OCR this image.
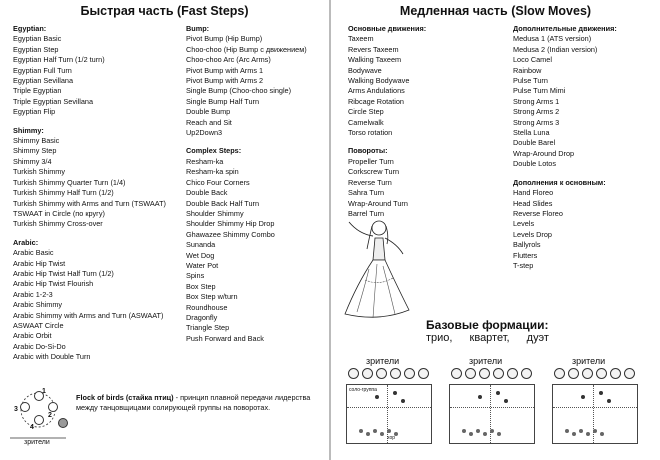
Быстрая часть (Fast Steps)
Egyptian:
Egyptian Basic
Egyptian Step
Egyptian Half Turn (1/2 turn)
Egyptian Full Turn
Egyptian Sevillana
Triple Egyptian
Triple Egyptian Sevillana
Egyptian Flip
Shimmy:
Shimmy Basic
Shimmy Step
Shimmy 3/4
Turkish Shimmy
Turkish Shimmy Quarter Turn (1/4)
Turkish Shimmy Half Turn (1/2)
Turkish Shimmy with Arms and Turn (TSWAAT)
TSWAAT in Circle (по кругу)
Turkish Shimmy Cross-over
Arabic:
Arabic Basic
Arabic Hip Twist
Arabic Hip Twist Half Turn (1/2)
Arabic Hip Twist Flourish
Arabic 1-2-3
Arabic Shimmy
Arabic Shimmy with Arms and Turn (ASWAAT)
ASWAAT Circle
Arabic Orbit
Arabic Do-Si-Do
Arabic with Double Turn
Bump:
Pivot Bump (Hip Bump)
Choo-choo (Hip Bump с движением)
Choo-choo Arc (Arc Arms)
Pivot Bump with Arms 1
Pivot Bump with Arms 2
Single Bump (Choo-choo single)
Single Bump Half Turn
Double Bump
Reach and Sit
Up2Down3
Complex Steps:
Resham-ka
Resham-ka spin
Chico Four Corners
Double Back
Double Back Half Turn
Shoulder Shimmy
Shoulder Shimmy Hip Drop
Ghawazee Shimmy Combo
Sunanda
Wet Dog
Water Pot
Spins
Box Step
Box Step w/turn
Roundhouse
Dragonfly
Triangle Step
Push Forward and Back
1
2
3
4
зрители
Flock of birds (стайка птиц) - принцип плавной передачи лидерства между танцовщицами солирующей группы на поворотах.
Медленная часть (Slow Moves)
Основные движения:
Taxeem
Revers Taxeem
Walking Taxeem
Bodywave
Walking Bodywave
Arms Andulations
Ribcage Rotation
Circle Step
Camelwalk
Torso rotation
Повороты:
Propeller Turn
Corkscrew Turn
Reverse Turn
Sahra Turn
Wrap-Around Turn
Barrel Turn
Дополнительные движения:
Medusa 1 (ATS version)
Medusa 2 (Indian version)
Loco Camel
Rainbow
Pulse Turn
Pulse Turn Mimi
Strong Arms 1
Strong Arms 2
Strong Arms 3
Stella Luna
Double Barel
Wrap-Around Drop
Double Lotos
Дополнения к основным:
Hand Floreo
Head Slides
Reverse Floreo
Levels
Levels Drop
Ballyrols
Flutters
T-step
Базовые формации:
трио, квартет, дуэт
зрители
соло-группа
хор
зрители	зрители
